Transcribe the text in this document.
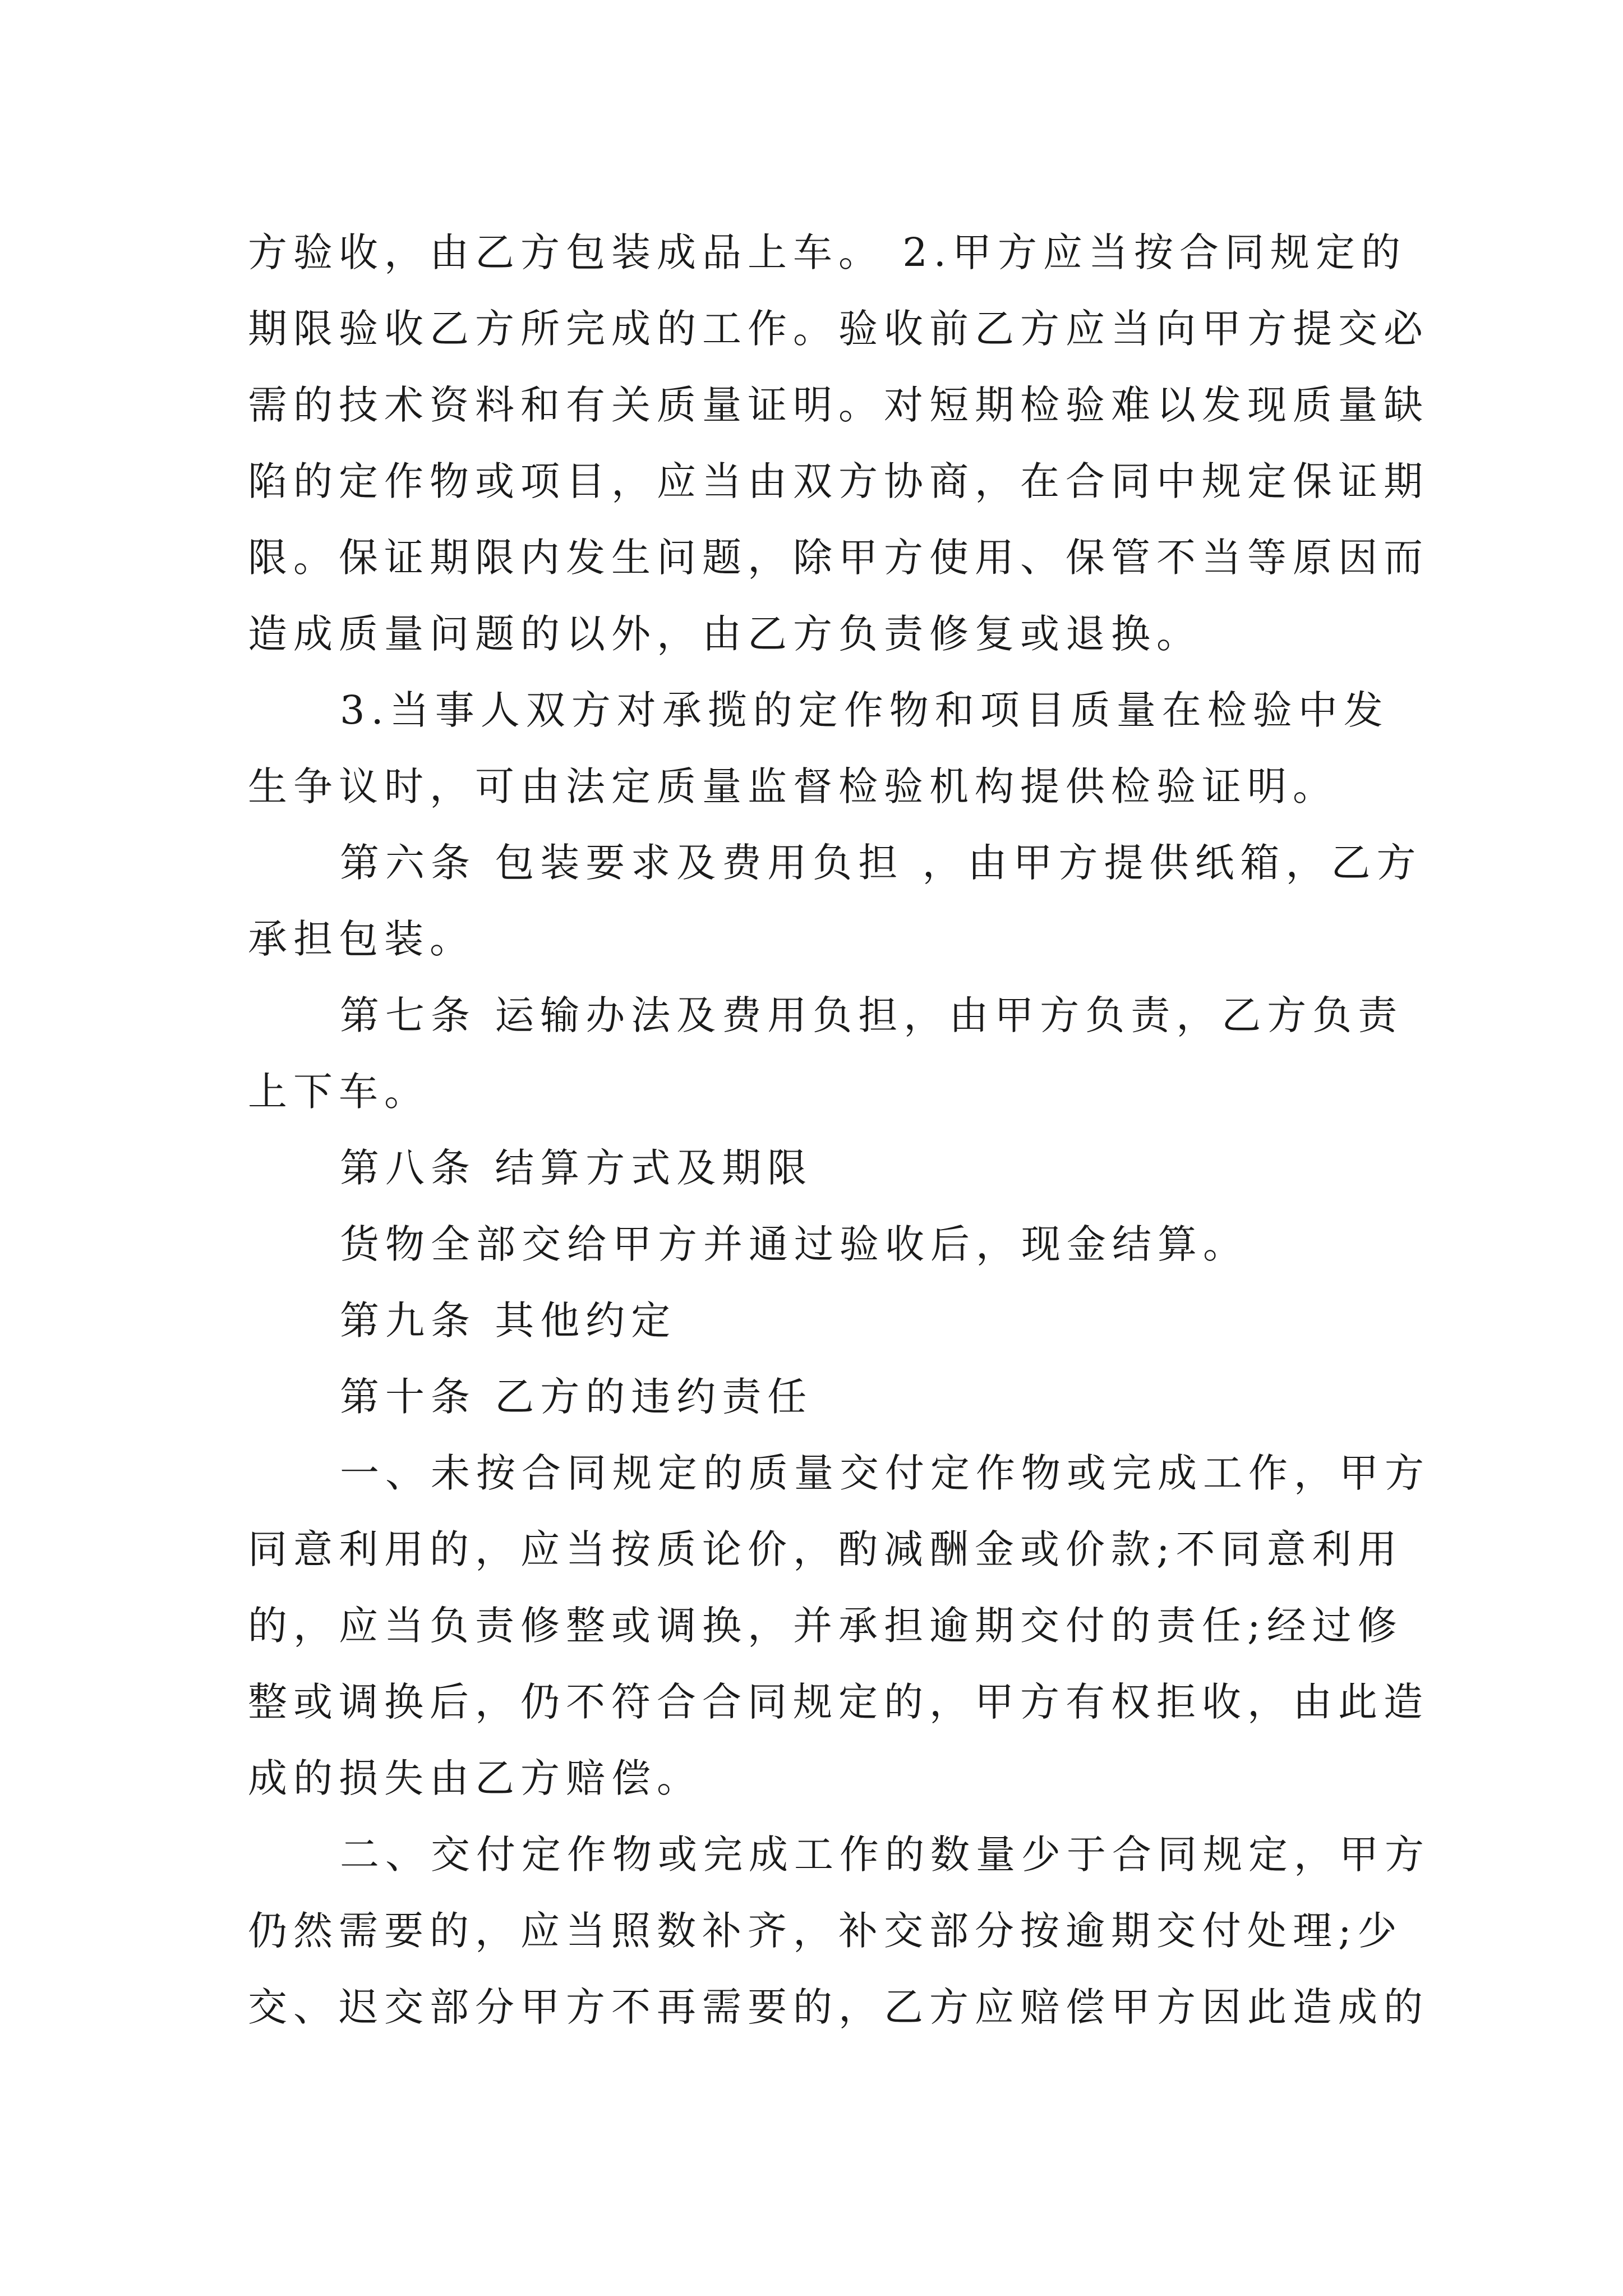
方验收，由乙方包装成品上车。 2.甲方应当按合同规定的
期限验收乙方所完成的工作。验收前乙方应当向甲方提交必
需的技术资料和有关质量证明。对短期检验难以发现质量缺
陷的定作物或项目，应当由双方协商，在合同中规定保证期
限。保证期限内发生问题，除甲方使用、保管不当等原因而
造成质量问题的以外，由乙方负责修复或退换。
3.当事人双方对承揽的定作物和项目质量在检验中发
生争议时，可由法定质量监督检验机构提供检验证明。
第六条 包装要求及费用负担 ，由甲方提供纸箱，乙方
承担包装。
第七条 运输办法及费用负担，由甲方负责，乙方负责
上下车。
第八条 结算方式及期限
货物全部交给甲方并通过验收后，现金结算。
第九条 其他约定
第十条 乙方的违约责任
一、未按合同规定的质量交付定作物或完成工作，甲方
同意利用的，应当按质论价，酌减酬金或价款;不同意利用
的，应当负责修整或调换，并承担逾期交付的责任;经过修
整或调换后，仍不符合合同规定的，甲方有权拒收，由此造
成的损失由乙方赔偿。
二、交付定作物或完成工作的数量少于合同规定，甲方
仍然需要的，应当照数补齐，补交部分按逾期交付处理;少
交、迟交部分甲方不再需要的，乙方应赔偿甲方因此造成的
